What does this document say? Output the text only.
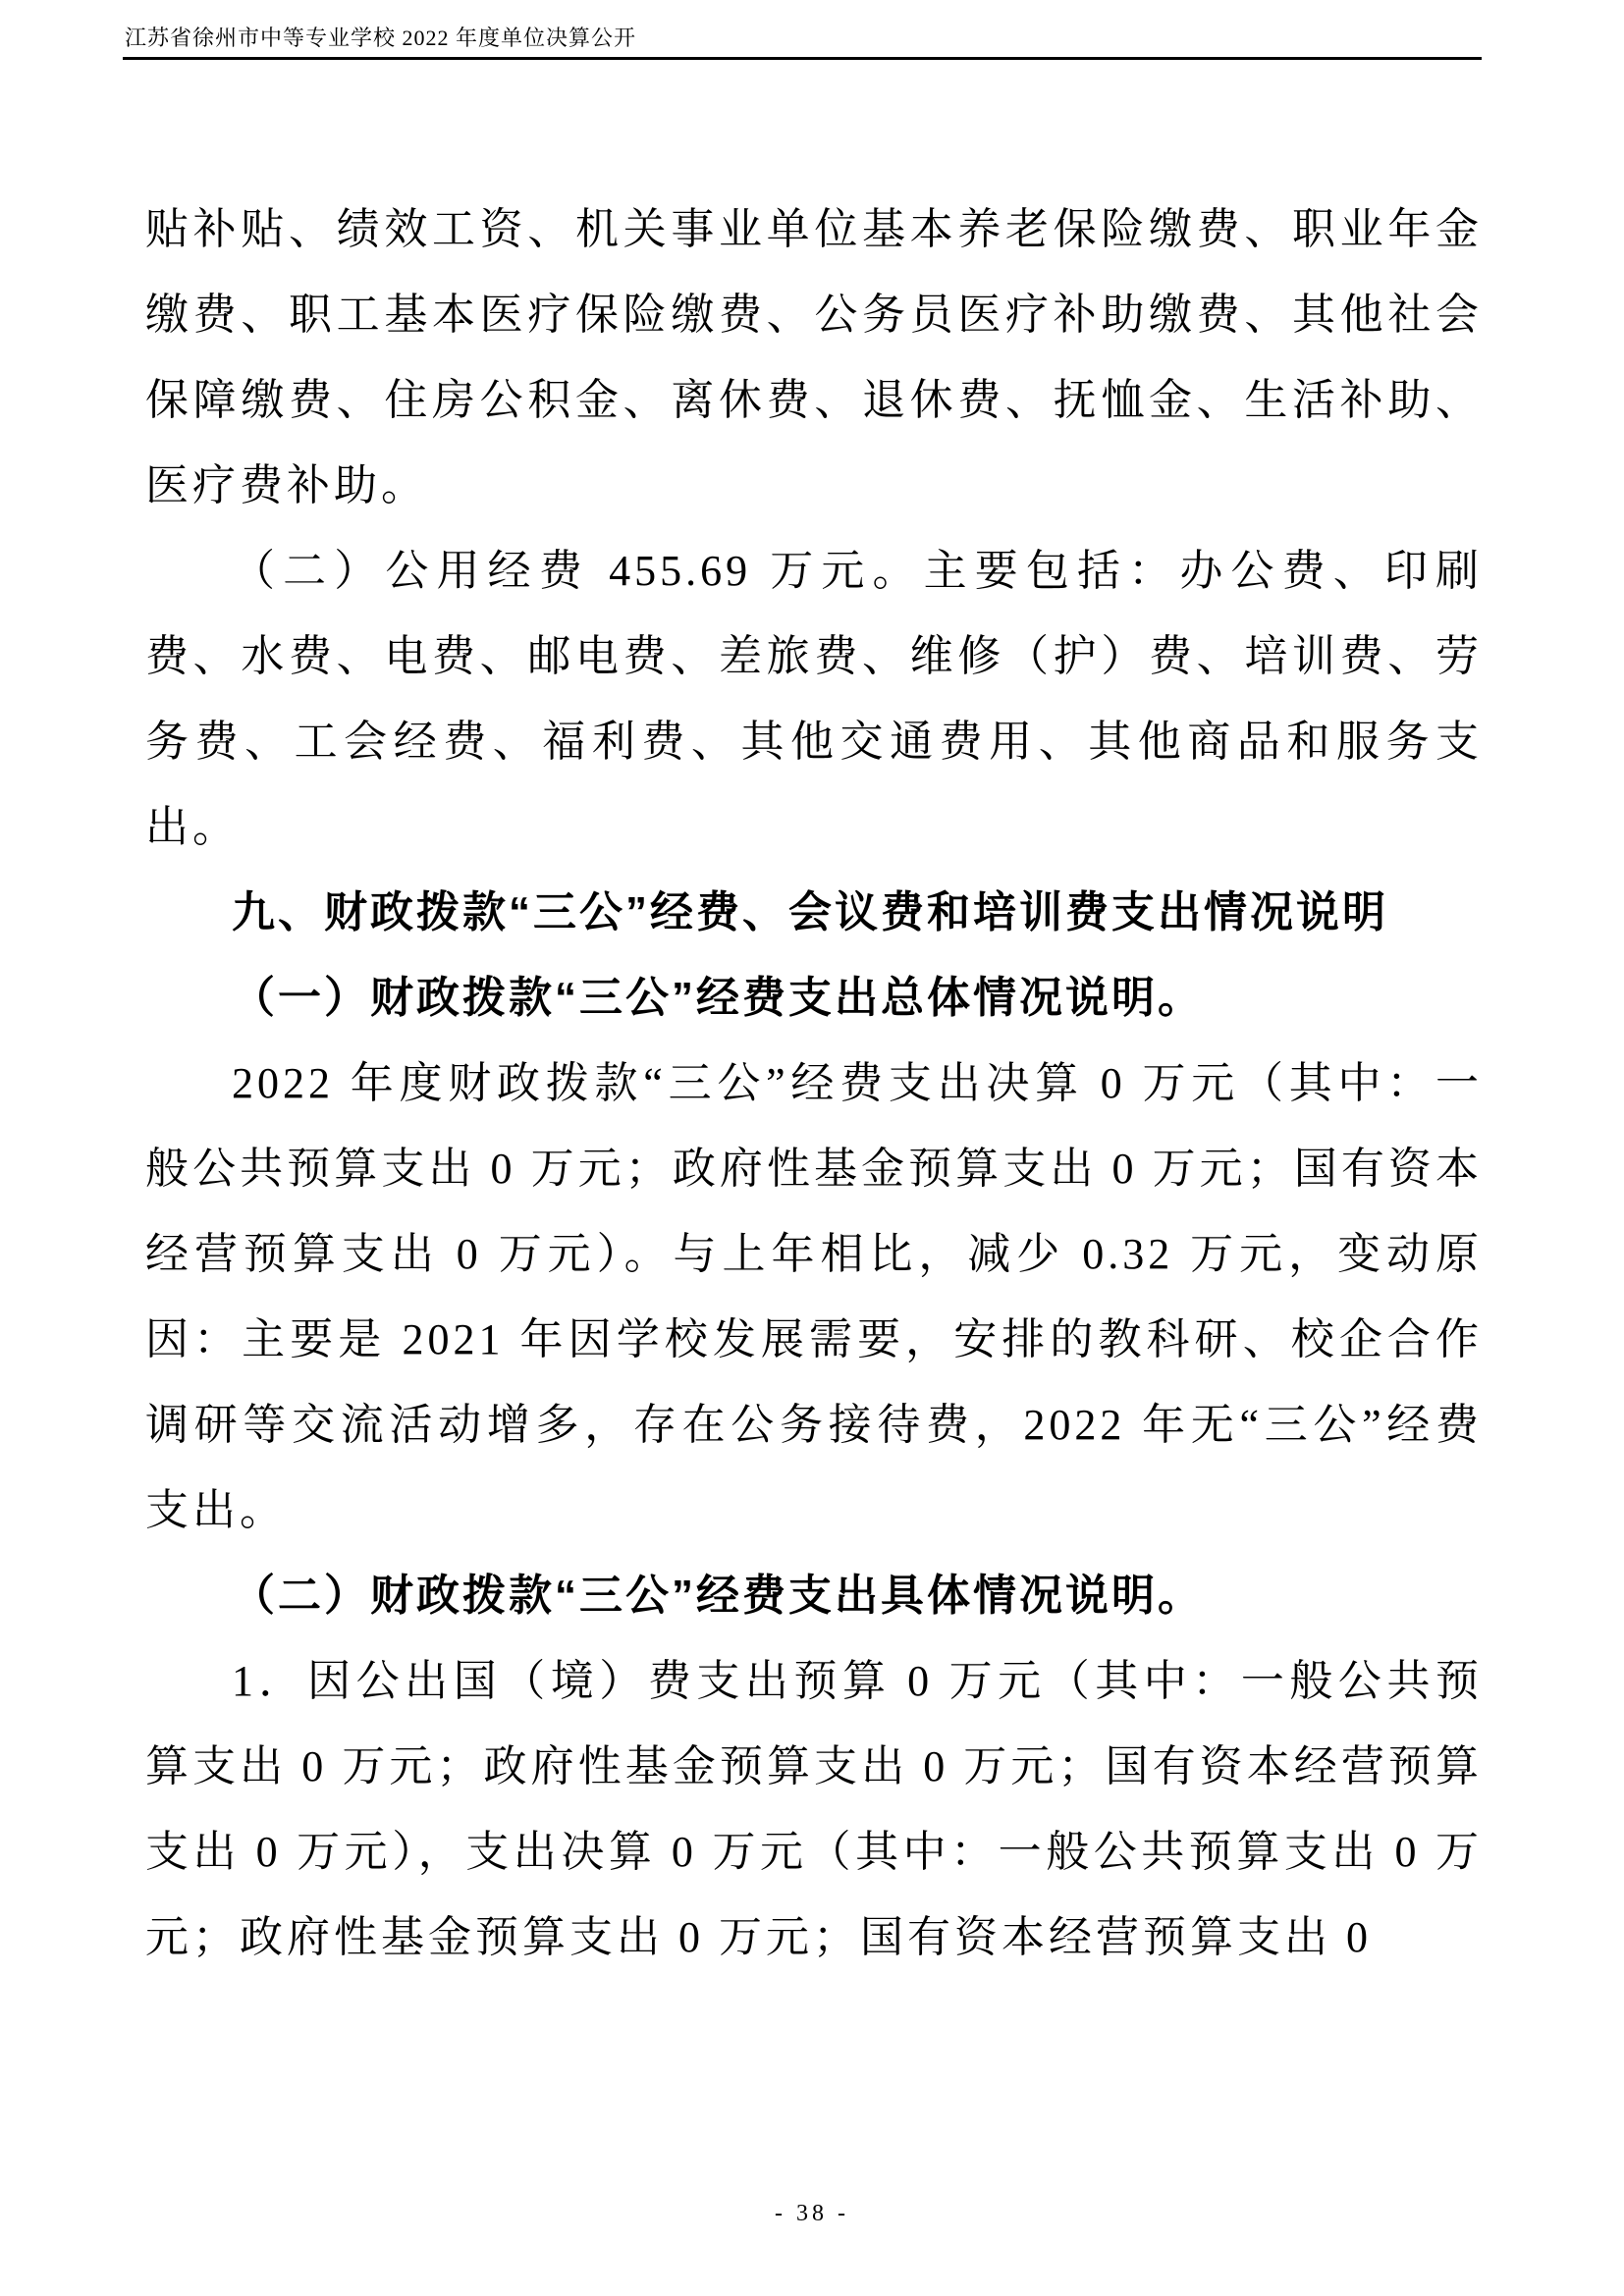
江苏省徐州市中等专业学校 2022 年度单位决算公开

贴补贴、绩效工资、机关事业单位基本养老保险缴费、职业年金缴费、职工基本医疗保险缴费、公务员医疗补助缴费、其他社会保障缴费、住房公积金、离休费、退休费、抚恤金、生活补助、医疗费补助。

（二）公用经费 455.69 万元。主要包括：办公费、印刷费、水费、电费、邮电费、差旅费、维修（护）费、培训费、劳务费、工会经费、福利费、其他交通费用、其他商品和服务支出。

九、财政拨款“三公”经费、会议费和培训费支出情况说明

（一）财政拨款“三公”经费支出总体情况说明。

2022 年度财政拨款“三公”经费支出决算 0 万元（其中：一般公共预算支出 0 万元；政府性基金预算支出 0 万元；国有资本经营预算支出 0 万元）。与上年相比，减少 0.32 万元，变动原因：主要是 2021 年因学校发展需要，安排的教科研、校企合作调研等交流活动增多，存在公务接待费，2022 年无“三公”经费支出。

（二）财政拨款“三公”经费支出具体情况说明。

1．因公出国（境）费支出预算 0 万元（其中：一般公共预算支出 0 万元；政府性基金预算支出 0 万元；国有资本经营预算支出 0 万元），支出决算 0 万元（其中：一般公共预算支出 0 万元；政府性基金预算支出 0 万元；国有资本经营预算支出 0

- 38 -
